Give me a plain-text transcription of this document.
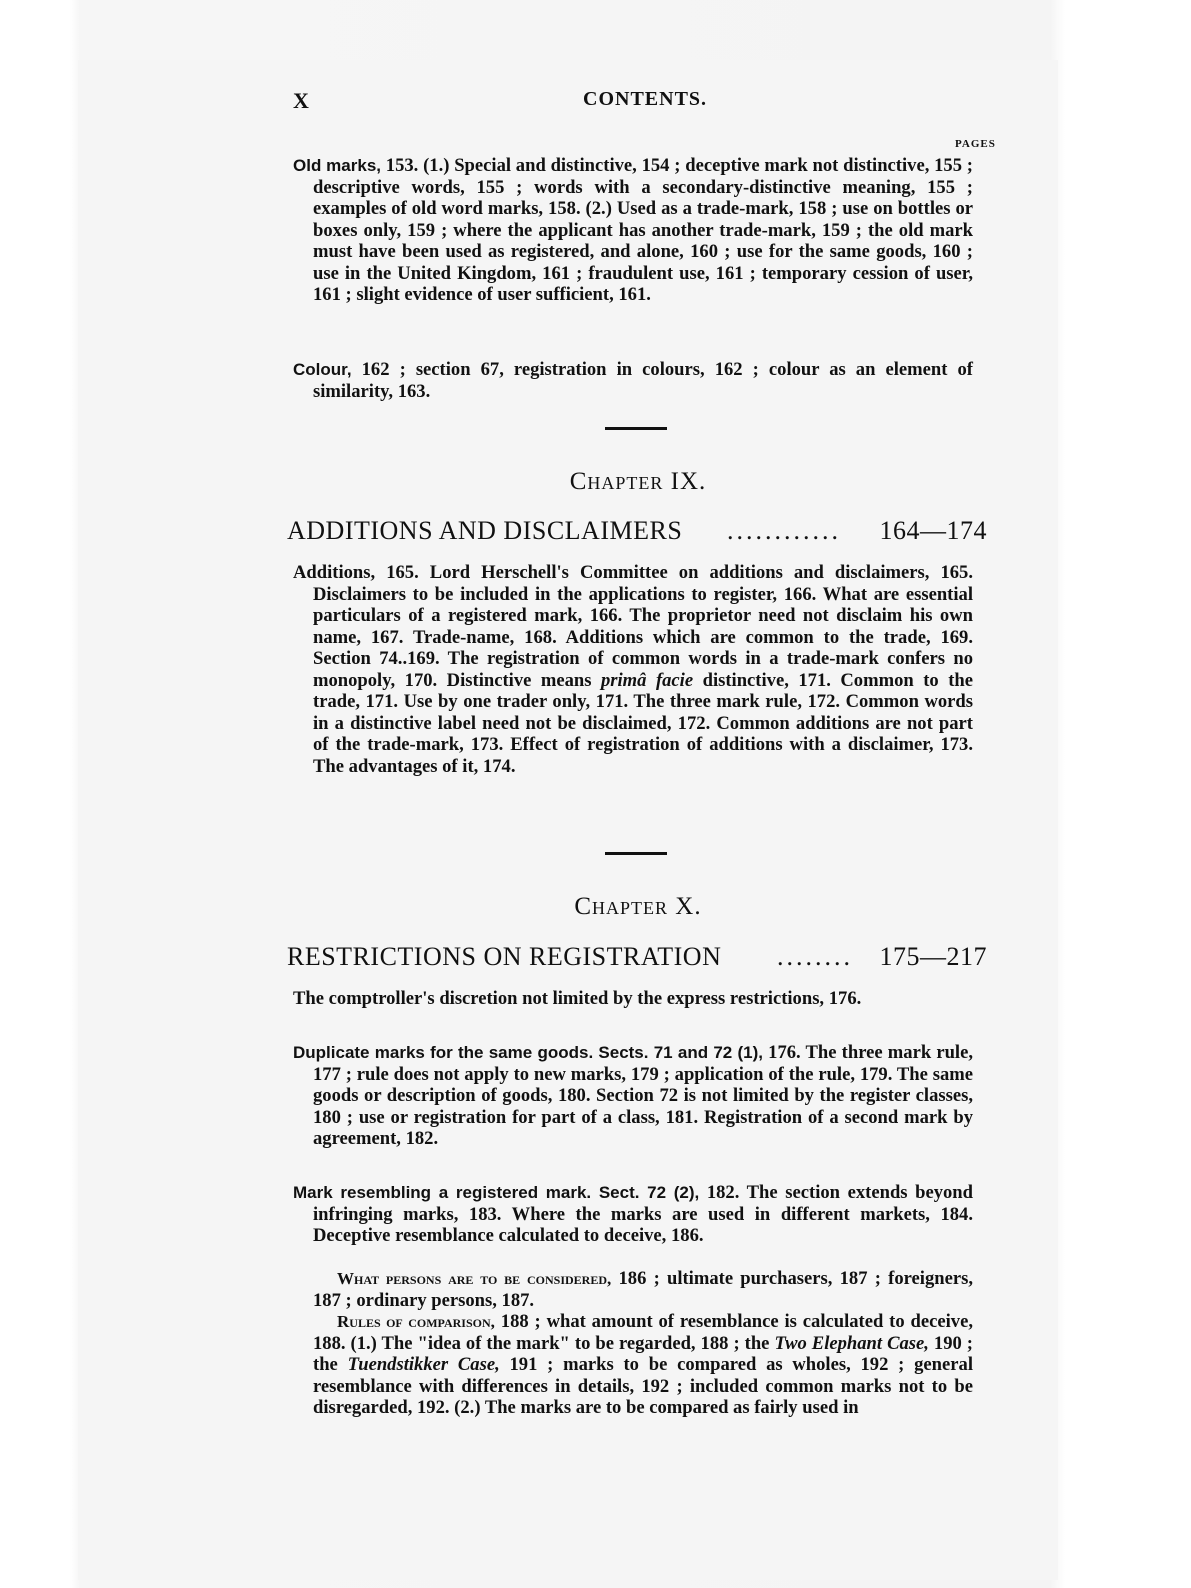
X	CONTENTS.
PAGES

Old marks, 153. (1.) Special and distinctive, 154 ; deceptive mark not distinctive, 155 ; descriptive words, 155 ; words with a secondary-distinctive meaning, 155 ; examples of old word marks, 158. (2.) Used as a trade-mark, 158 ; use on bottles or boxes only, 159 ; where the applicant has another trade-mark, 159 ; the old mark must have been used as registered, and alone, 160 ; use for the same goods, 160 ; use in the United Kingdom, 161 ; fraudulent use, 161 ; temporary cession of user, 161 ; slight evidence of user sufficient, 161.

Colour, 162 ; section 67, registration in colours, 162 ; colour as an element of similarity, 163.

Chapter IX.
ADDITIONS AND DISCLAIMERS ............ 164—174

Additions, 165. Lord Herschell's Committee on additions and disclaimers, 165. Disclaimers to be included in the applications to register, 166. What are essential particulars of a registered mark, 166. The proprietor need not disclaim his own name, 167. Trade-name, 168. Additions which are common to the trade, 169. Section 74..169. The registration of common words in a trade-mark confers no monopoly, 170. Distinctive means primâ facie distinctive, 171. Common to the trade, 171. Use by one trader only, 171. The three mark rule, 172. Common words in a distinctive label need not be disclaimed, 172. Common additions are not part of the trade-mark, 173. Effect of registration of additions with a disclaimer, 173. The advantages of it, 174.

Chapter X.
RESTRICTIONS ON REGISTRATION ........ 175—217

The comptroller's discretion not limited by the express restrictions, 176.

Duplicate marks for the same goods. Sects. 71 and 72 (1), 176. The three mark rule, 177 ; rule does not apply to new marks, 179 ; application of the rule, 179. The same goods or description of goods, 180. Section 72 is not limited by the register classes, 180 ; use or registration for part of a class, 181. Registration of a second mark by agreement, 182.

Mark resembling a registered mark. Sect. 72 (2), 182. The section extends beyond infringing marks, 183. Where the marks are used in different markets, 184. Deceptive resemblance calculated to deceive, 186.

What persons are to be considered, 186 ; ultimate purchasers, 187 ; foreigners, 187 ; ordinary persons, 187.

Rules of comparison, 188 ; what amount of resemblance is calculated to deceive, 188. (1.) The "idea of the mark" to be regarded, 188 ; the Two Elephant Case, 190 ; the Tuendstikker Case, 191 ; marks to be compared as wholes, 192 ; general resemblance with differences in details, 192 ; included common marks not to be disregarded, 192. (2.) The marks are to be compared as fairly used in
